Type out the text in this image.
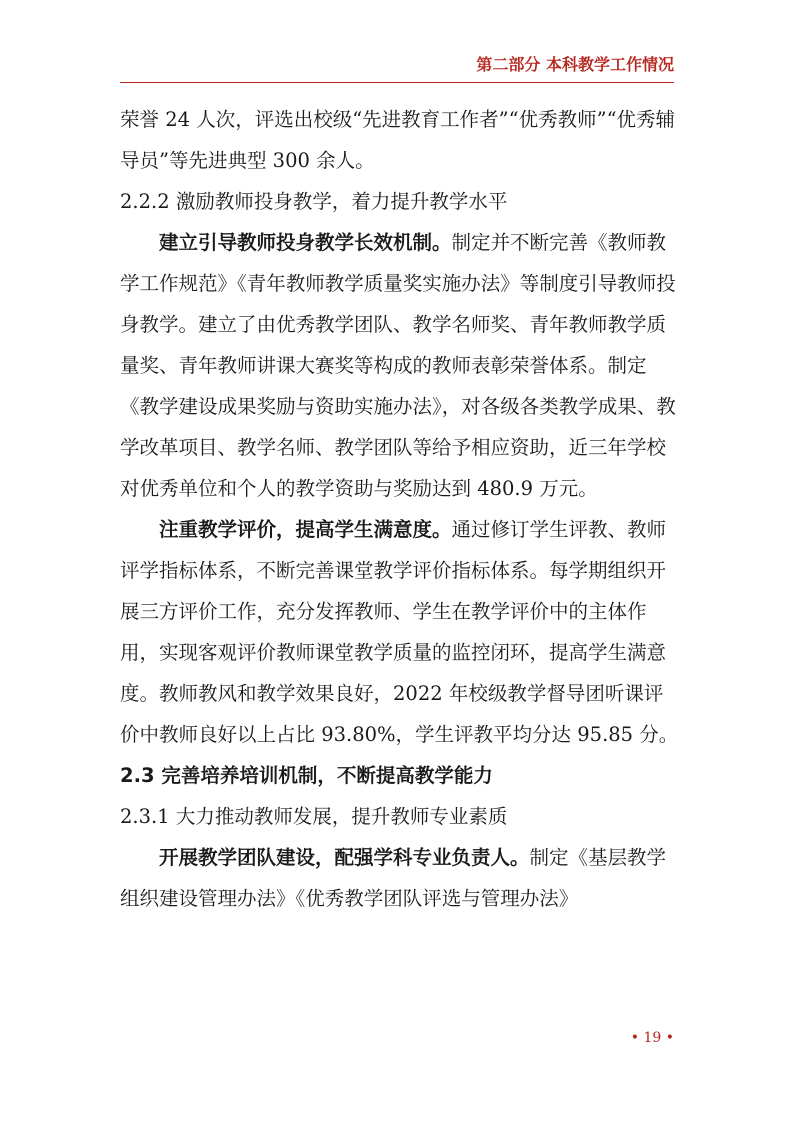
第二部分 本科教学工作情况

荣誉 24 人次，评选出校级“先进教育工作者”“优秀教师”“优秀辅导员”等先进典型 300 余人。

2.2.2 激励教师投身教学，着力提升教学水平

建立引导教师投身教学长效机制。制定并不断完善《教师教学工作规范》《青年教师教学质量奖实施办法》等制度引导教师投身教学。建立了由优秀教学团队、教学名师奖、青年教师教学质量奖、青年教师讲课大赛奖等构成的教师表彰荣誉体系。制定《教学建设成果奖励与资助实施办法》，对各级各类教学成果、教学改革项目、教学名师、教学团队等给予相应资助，近三年学校对优秀单位和个人的教学资助与奖励达到 480.9 万元。

注重教学评价，提高学生满意度。通过修订学生评教、教师评学指标体系，不断完善课堂教学评价指标体系。每学期组织开展三方评价工作，充分发挥教师、学生在教学评价中的主体作用，实现客观评价教师课堂教学质量的监控闭环，提高学生满意度。教师教风和教学效果良好，2022 年校级教学督导团听课评价中教师良好以上占比 93.80%，学生评教平均分达 95.85 分。

2.3 完善培养培训机制，不断提高教学能力

2.3.1 大力推动教师发展，提升教师专业素质

开展教学团队建设，配强学科专业负责人。制定《基层教学组织建设管理办法》《优秀教学团队评选与管理办法》

• 19 •
